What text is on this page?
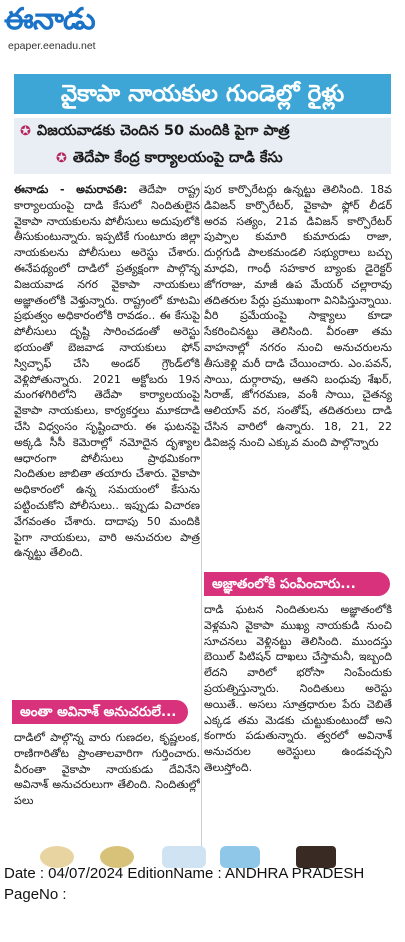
ఈనాడు
epaper.eenadu.net
వైకాపా నాయకుల గుండెల్లో రైళ్లు
✪ విజయవాడకు చెందిన 50 మందికి పైగా పాత్ర
✪ తెదేపా కేంద్ర కార్యాలయంపై దాడి కేసు
ఈనాడు - అమరావతి: తెదేపా రాష్ట్ర కార్యాలయంపై దాడి కేసులో నిందితులైన వైకాపా నాయకులను పోలీసులు అదుపులోకి తీసుకుంటున్నారు. ఇప్పటికే గుంటూరు జిల్లా నాయకులను పోలీసులు అరెస్టు చేశారు. ఈనేపథ్యంలో దాడిలో ప్రత్యక్షంగా పాల్గొన్న విజయవాడ నగర వైకాపా నాయకులు అజ్ఞాతంలోకి వెళ్తున్నారు. రాష్ట్రంలో కూటమి ప్రభుత్వం అధికారంలోకి రావడం.. ఈ కేసుపై పోలీసులు దృష్టి సారించడంతో అరెస్టు భయంతో బెజవాడ నాయకులు ఫోన్ స్విచ్ఛాఫ్ చేసి అండర్ గ్రౌండ్‌లోకి వెళ్లిపోతున్నారు. 2021 అక్టోబరు 19న మంగళగిరిలోని తెదేపా కార్యాలయంపై వైకాపా నాయకులు, కార్యకర్తలు మూకదాడి చేసి విధ్వంసం సృష్టించారు. ఈ ఘటనపై అక్కడి సీసీ కెమెరాల్లో నమోదైన దృశ్యాల ఆధారంగా పోలీసులు ప్రాథమికంగా నిందితుల జాబితా తయారు చేశారు. వైకాపా అధికారంలో ఉన్న సమయంలో కేసును పట్టించుకోని పోలీసులు.. ఇప్పుడు విచారణ వేగవంతం చేశారు. దాదాపు 50 మందికి పైగా నాయకులు, వారి అనుచరుల పాత్ర ఉన్నట్టు తేలింది.
పుర కార్పొరేటర్లు ఉన్నట్టు తెలిసింది. 18వ డివిజన్ కార్పొరేటర్, వైకాపా ఫ్లోర్ లీడర్ అరవ సత్యం, 21వ డివిజన్ కార్పొరేటర్ పుప్పాల కుమారి కుమారుడు రాజా, దుర్గగుడి పాలకమండలి సభ్యురాలు బచ్చు మాధవి, గాంధీ సహకార బ్యాంకు డైరెక్టర్ జోగరాజు, మాజీ ఉప మేయర్ చల్లారావు తదితరుల పేర్లు ప్రముఖంగా వినిపిస్తున్నాయి. వీరి ప్రమేయంపై సాక్ష్యాలు కూడా సేకరించినట్టు తెలిసింది. వీరంతా తమ వాహనాల్లో నగరం నుంచి అనుచరులను తీసుకెళ్లి మరీ దాడి చేయించారు. ఎం.పవన్, సాయి, దుర్గారావు, ఆతని బంధువు శేఖర్, సిరాజ్, జోగరమణ, వంశీ సాయి, చైతన్య ఆలియాస్ వర, సంతోష్, తదితరులు దాడి చేసిన వారిలో ఉన్నారు. 18, 21, 22 డివిజన్ల నుంచి ఎక్కువ మంది పాల్గొన్నారు
అజ్ఞాతంలోకి పంపించారు...
దాడి ఘటన నిందితులను అజ్ఞాతంలోకి వెళ్లమని వైకాపా ముఖ్య నాయకుడి నుంచి సూచనలు వెళ్లినట్టు తెలిసింది. ముందస్తు బెయిల్ పిటిషన్ దాఖలు చేస్తామనీ, ఇబ్బంది లేదని వారిలో భరోసా నింపేందుకు ప్రయత్నిస్తున్నారు. నిందితులు అరెస్టు అయితే.. అసలు సూత్రధారుల పేరు చెబితే ఎక్కడ తమ మెడకు చుట్టుకుంటుందో అని కంగారు పడుతున్నారు. త్వరలో అవినాశ్ అనుచరుల అరెస్టులు ఉండవచ్చని తెలుస్తోంది.
అంతా అవినాశ్ అనుచరులే...
దాడిలో పాల్గొన్న వారు గుణదల, కృష్ణలంక, రాణిగారితోట ప్రాంతాలవారిగా గుర్తించారు. వీరంతా వైకాపా నాయకుడు దేవినేని అవినాశ్ అనుచరులుగా తేలింది. నిందితుల్లో పలు
Date : 04/07/2024 EditionName : ANDHRA PRADESH PageNo :
